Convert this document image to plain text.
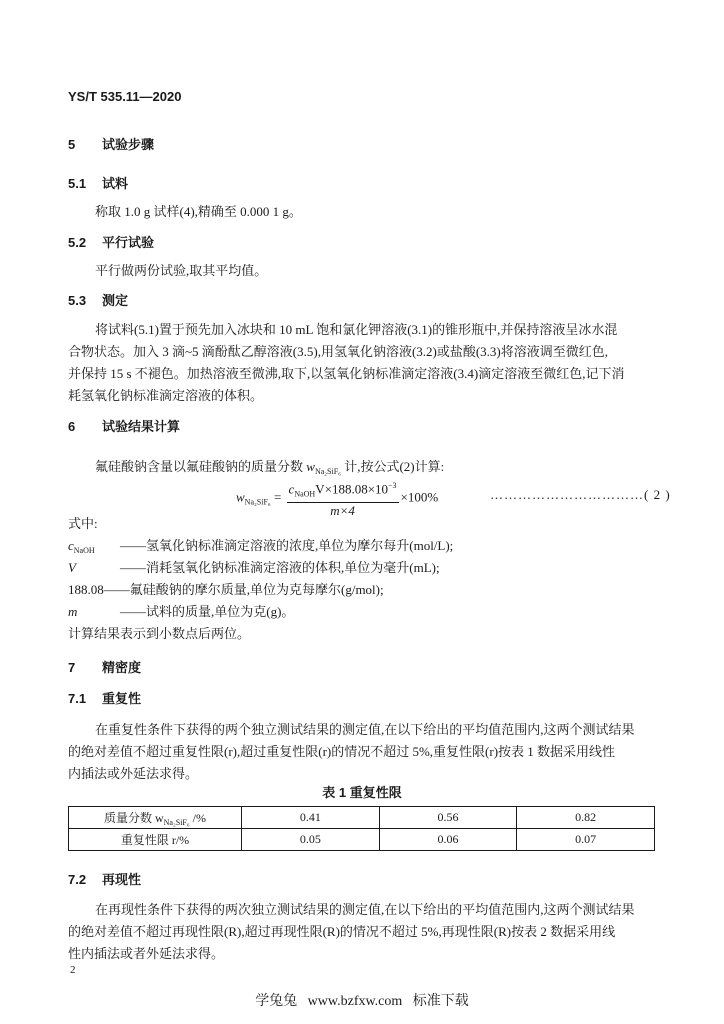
YS/T 535.11—2020
5 试验步骤
5.1 试料
称取 1.0 g 试样(4),精确至 0.000 1 g。
5.2 平行试验
平行做两份试验,取其平均值。
5.3 测定
将试料(5.1)置于预先加入冰块和 10 mL 饱和氯化钾溶液(3.1)的锥形瓶中,并保持溶液呈冰水混
合物状态。加入 3 滴~5 滴酚酞乙醇溶液(3.5),用氢氧化钠溶液(3.2)或盐酸(3.3)将溶液调至微红色,
并保持 15 s 不褪色。加热溶液至微沸,取下,以氢氧化钠标准滴定溶液(3.4)滴定溶液至微红色,记下消
耗氢氧化钠标准滴定溶液的体积。
6 试验结果计算
氟硅酸钠含量以氟硅酸钠的质量分数 $w_{Na_2SiF_6}$ 计,按公式(2)计算:
$w_{Na_2SiF_6} = \frac{c_{NaOH}V\times 188.08\times 10^{-3}}{m\times 4} \times 100\%$	……………………………( 2 )
式中:
$c_{NaOH}$ ——氢氧化钠标准滴定溶液的浓度,单位为摩尔每升(mol/L);
V	——消耗氢氧化钠标准滴定溶液的体积,单位为毫升(mL);
188.08——氟硅酸钠的摩尔质量,单位为克每摩尔(g/mol);
m	——试料的质量,单位为克(g)。
计算结果表示到小数点后两位。
7 精密度
7.1 重复性
在重复性条件下获得的两个独立测试结果的测定值,在以下给出的平均值范围内,这两个测试结果
的绝对差值不超过重复性限(r),超过重复性限(r)的情况不超过 5%,重复性限(r)按表 1 数据采用线性
内插法或外延法求得。
表 1 重复性限
质量分数 $w_{Na_2SiF_6}$ /%	0.41	0.56	0.82
重复性限 r/%	0.05	0.06	0.07
7.2 再现性
在再现性条件下获得的两次独立测试结果的测定值,在以下给出的平均值范围内,这两个测试结果
的绝对差值不超过再现性限(R),超过再现性限(R)的情况不超过 5%,再现性限(R)按表 2 数据采用线
性内插法或者外延法求得。
2
学兔兔   www.bzfxw.com   标准下载
